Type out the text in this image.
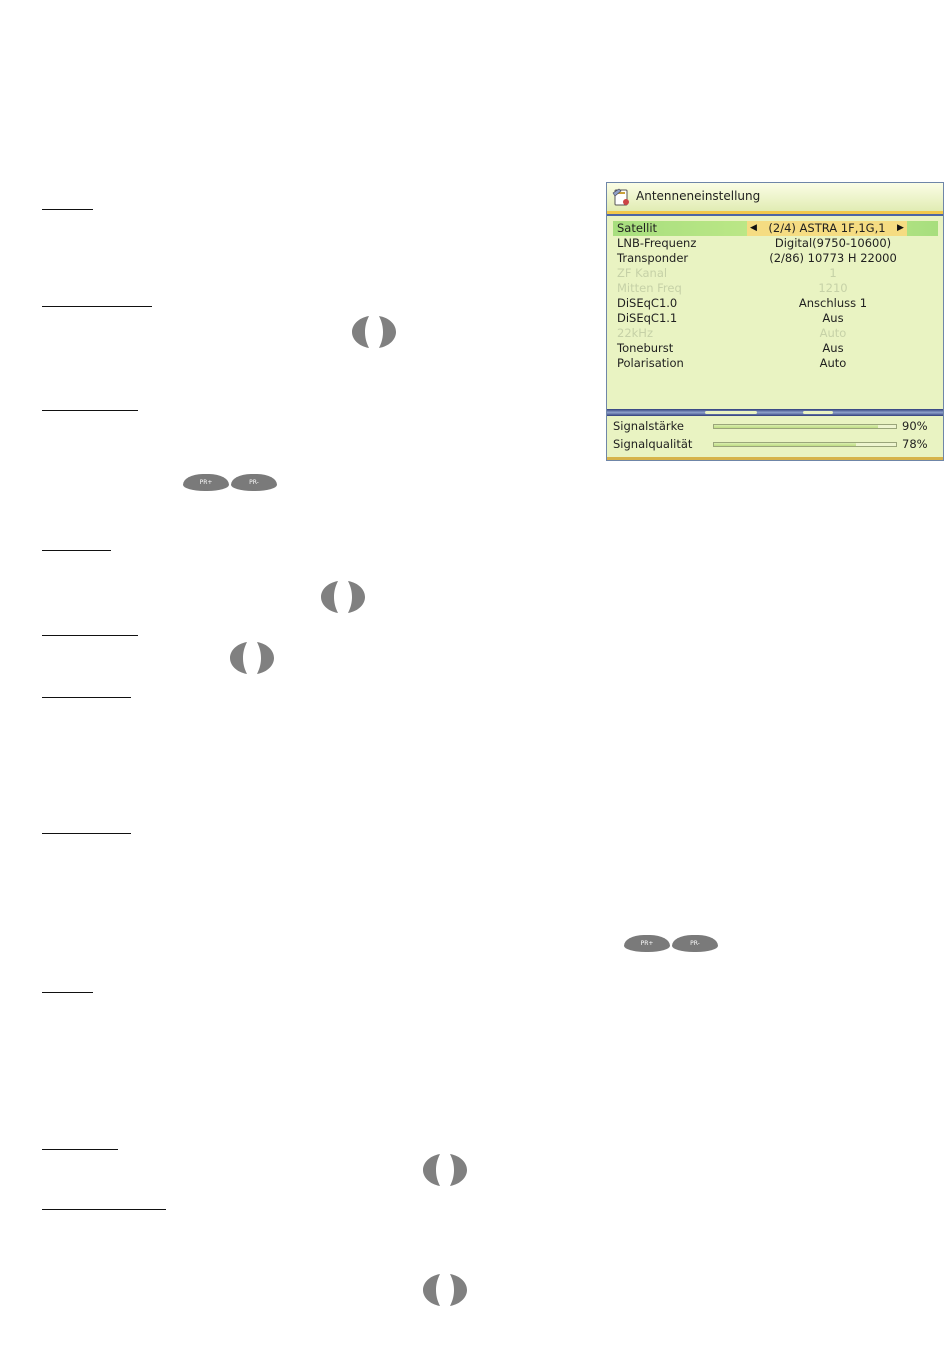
PR+	PR-
PR+	PR-
Antenneneinstellung
Satellit	(2/4) ASTRA 1F,1G,1
◀	▶
LNB-Frequenz	Digital(9750-10600)
Transponder	(2/86) 10773 H 22000
ZF Kanal	1
Mitten Freq	1210
DiSEqC1.0	Anschluss 1
DiSEqC1.1	Aus
22kHz	Auto
Toneburst	Aus
Polarisation	Auto
Signalstärke	90%
Signalqualität	78%
